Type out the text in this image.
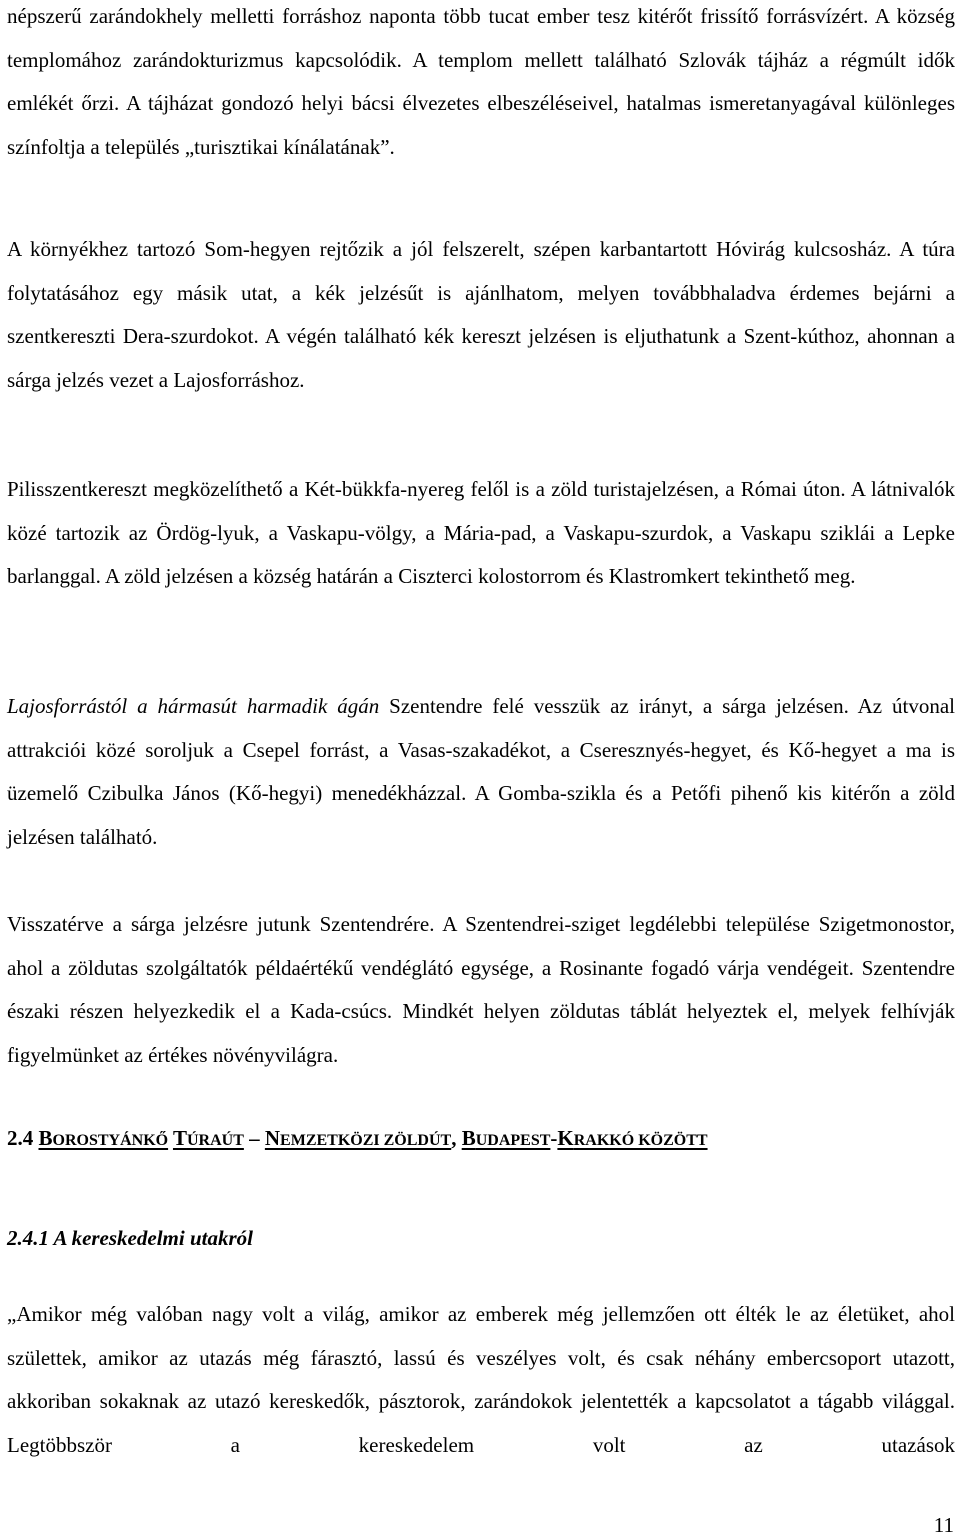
népszerű zarándokhely melletti forráshoz naponta több tucat ember tesz kitérőt frissítő forrásvízért. A község templomához zarándokturizmus kapcsolódik. A templom mellett található Szlovák tájház a régmúlt idők emlékét őrzi. A tájházat gondozó helyi bácsi élvezetes elbeszéléseivel, hatalmas ismeretanyagával különleges színfoltja a település „turisztikai kínálatának”.

A környékhez tartozó Som-hegyen rejtőzik a jól felszerelt, szépen karbantartott Hóvirág kulcsosház. A túra folytatásához egy másik utat, a kék jelzésűt is ajánlhatom, melyen továbbhaladva érdemes bejárni a szentkereszti Dera-szurdokot. A végén található kék kereszt jelzésen is eljuthatunk a Szent-kúthoz, ahonnan a sárga jelzés vezet a Lajosforráshoz.

Pilisszentkereszt megközelíthető a Két-bükkfa-nyereg felől is a zöld turistajelzésen, a Római úton. A látnivalók közé tartozik az Ördög-lyuk, a Vaskapu-völgy, a Mária-pad, a Vaskapu-szurdok, a Vaskapu sziklái a Lepke barlanggal. A zöld jelzésen a község határán a Ciszterci kolostorrom és Klastromkert tekinthető meg.

Lajosforrástól a hármasút harmadik ágán Szentendre felé vesszük az irányt, a sárga jelzésen. Az útvonal attrakciói közé soroljuk a Csepel forrást, a Vasas-szakadékot, a Cseresznyés-hegyet, és Kő-hegyet a ma is üzemelő Czibulka János (Kő-hegyi) menedékházzal. A Gomba-szikla és a Petőfi pihenő kis kitérőn a zöld jelzésen található.

Visszatérve a sárga jelzésre jutunk Szentendrére. A Szentendrei-sziget legdélebbi települése Szigetmonostor, ahol a zöldutas szolgáltatók példaértékű vendéglátó egysége, a Rosinante fogadó várja vendégeit. Szentendre északi részen helyezkedik el a Kada-csúcs. Mindkét helyen zöldutas táblát helyeztek el, melyek felhívják figyelmünket az értékes növényvilágra.

2.4 BOROSTYÁNKŐ TÚRAÚT – NEMZETKÖZI ZÖLDÚT, BUDAPEST-KRAKKÓ KÖZÖTT
2.4.1 A kereskedelmi utakról

„Amikor még valóban nagy volt a világ, amikor az emberek még jellemzően ott élték le az életüket, ahol születtek, amikor az utazás még fárasztó, lassú és veszélyes volt, és csak néhány embercsoport utazott, akkoriban sokaknak az utazó kereskedők, pásztorok, zarándokok jelentették a kapcsolatot a tágabb világgal. Legtöbbször a kereskedelem volt az utazások

11
